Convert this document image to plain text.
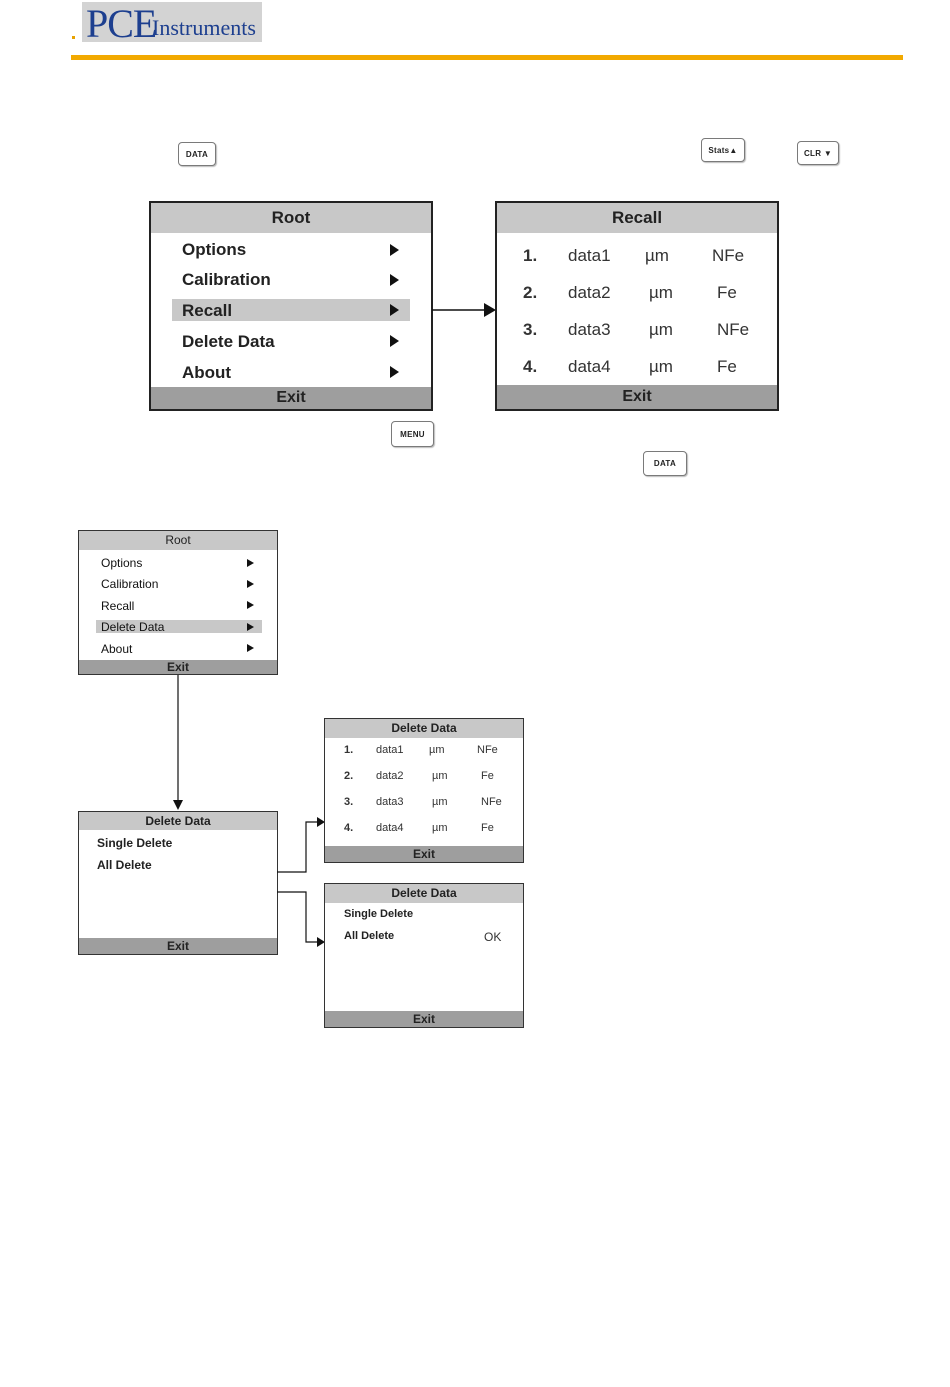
PCE
Instruments
DATA	Stats▲	CLR ▼
Root
Options
Calibration
Recall
Delete Data
About
Exit
Recall
1. data1 µm	NFe
2. data2 µm	Fe
3. data3 µm	NFe
4. data4 µm	Fe
Exit
MENU
DATA
Root
Options
Calibration
Recall
Delete Data
About
Exit
Delete Data
Single Delete
All Delete
Exit
Delete Data
1. data1 µm	NFe
2. data2	µm	Fe
3. data3	µm	NFe
4. data4	µm	Fe
Exit
Delete Data
Single Delete
All Delete	OK
Exit
